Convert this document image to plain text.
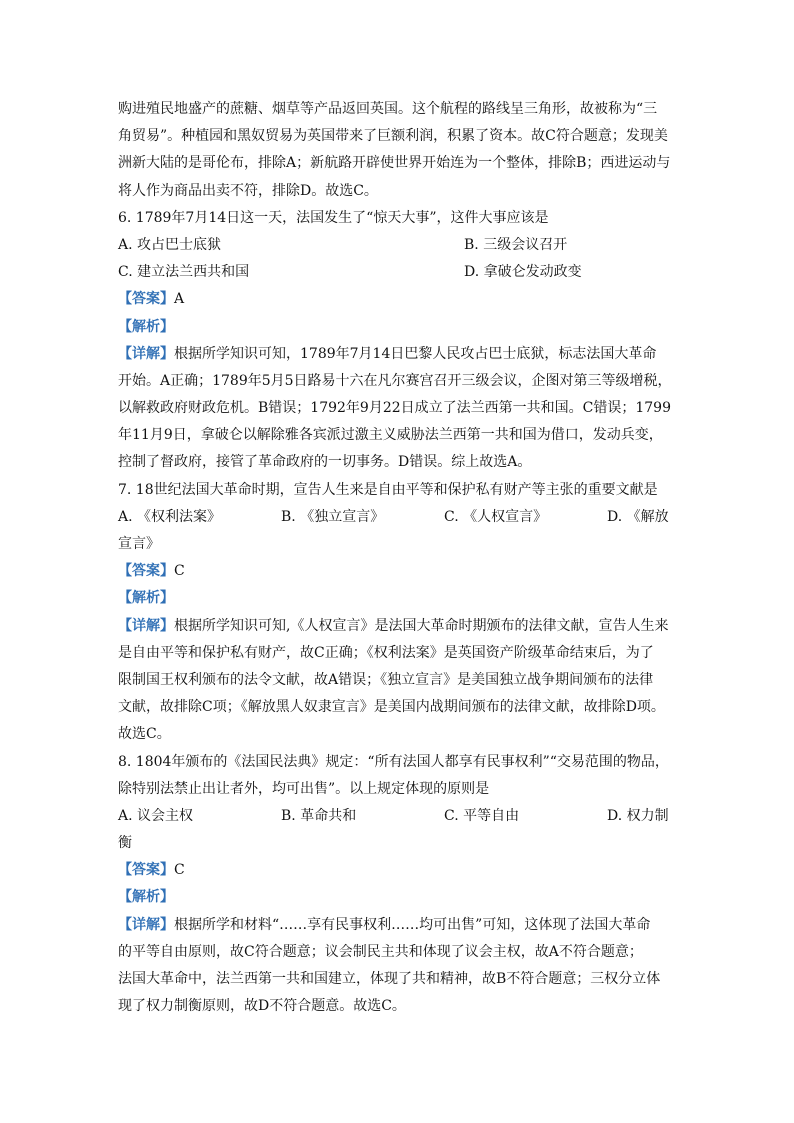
购进殖民地盛产的蔗糖、烟草等产品返回英国。这个航程的路线呈三角形，故被称为“三
角贸易”。种植园和黑奴贸易为英国带来了巨额利润，积累了资本。故C符合题意；发现美
洲新大陆的是哥伦布，排除A；新航路开辟使世界开始连为一个整体，排除B；西进运动与
将人作为商品出卖不符，排除D。故选C。
6. 1789年7月14日这一天，法国发生了“惊天大事”，这件大事应该是
A. 攻占巴士底狱	B. 三级会议召开
C. 建立法兰西共和国	D. 拿破仑发动政变
【答案】A
【解析】
【详解】根据所学知识可知，1789年7月14日巴黎人民攻占巴士底狱，标志法国大革命
开始。A正确；1789年5月5日路易十六在凡尔赛宫召开三级会议，企图对第三等级增税，
以解救政府财政危机。B错误；1792年9月22日成立了法兰西第一共和国。C错误；1799
年11月9日，拿破仑以解除雅各宾派过激主义威胁法兰西第一共和国为借口，发动兵变，
控制了督政府，接管了革命政府的一切事务。D错误。综上故选A。
7. 18世纪法国大革命时期，宣告人生来是自由平等和保护私有财产等主张的重要文献是
A. 《权利法案》	B. 《独立宣言》	C. 《人权宣言》	D. 《解放
宣言》
【答案】C
【解析】
【详解】根据所学知识可知,《人权宣言》是法国大革命时期颁布的法律文献，宣告人生来
是自由平等和保护私有财产，故C正确；《权利法案》是英国资产阶级革命结束后，为了
限制国王权利颁布的法令文献，故A错误；《独立宣言》是美国独立战争期间颁布的法律
文献，故排除C项；《解放黑人奴隶宣言》是美国内战期间颁布的法律文献，故排除D项。
故选C。
8. 1804年颁布的《法国民法典》规定：“所有法国人都享有民事权利”“交易范围的物品，
除特别法禁止出让者外，均可出售”。以上规定体现的原则是
A. 议会主权	B. 革命共和	C. 平等自由	D. 权力制
衡
【答案】C
【解析】
【详解】根据所学和材料“……享有民事权利……均可出售”可知，这体现了法国大革命
的平等自由原则，故C符合题意；议会制民主共和体现了议会主权，故A不符合题意；
法国大革命中，法兰西第一共和国建立，体现了共和精神，故B不符合题意；三权分立体
现了权力制衡原则，故D不符合题意。故选C。
